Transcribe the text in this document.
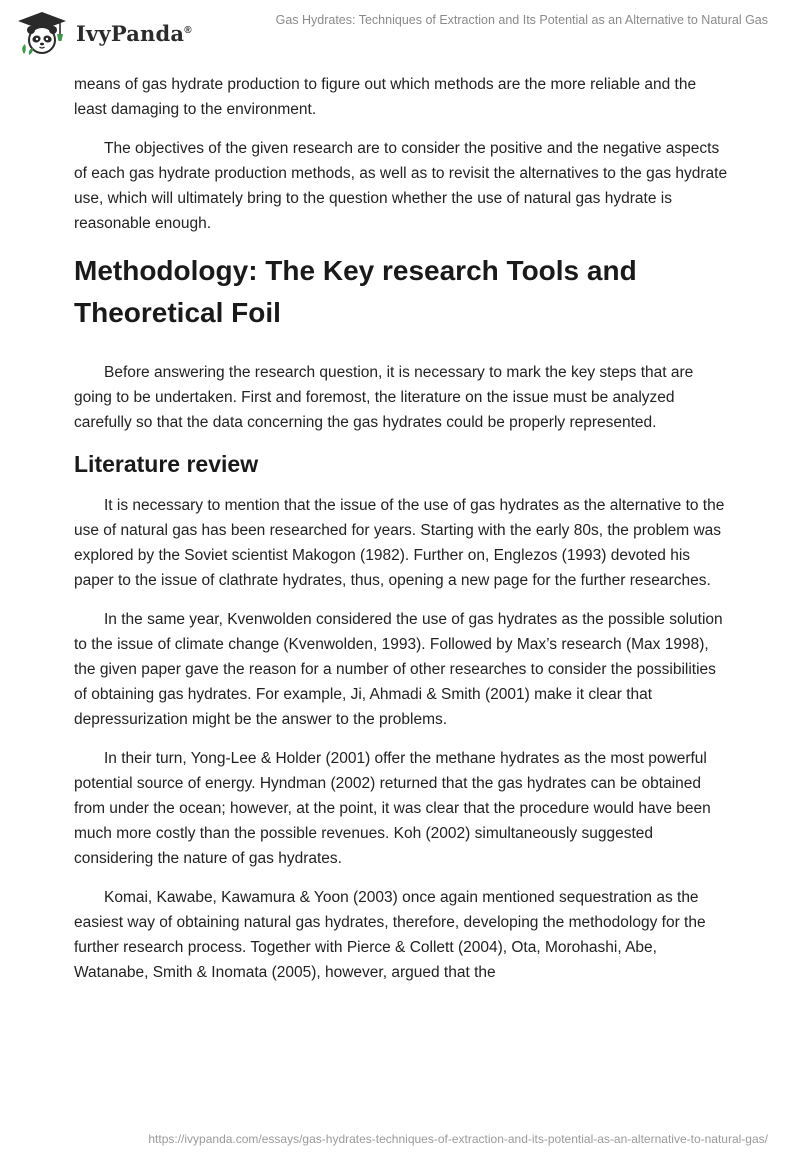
IvyPanda®
Gas Hydrates: Techniques of Extraction and Its Potential as an Alternative to Natural Gas

means of gas hydrate production to figure out which methods are the more reliable and the least damaging to the environment.

The objectives of the given research are to consider the positive and the negative aspects of each gas hydrate production methods, as well as to revisit the alternatives to the gas hydrate use, which will ultimately bring to the question whether the use of natural gas hydrate is reasonable enough.

Methodology: The Key research Tools and Theoretical Foil

Before answering the research question, it is necessary to mark the key steps that are going to be undertaken. First and foremost, the literature on the issue must be analyzed carefully so that the data concerning the gas hydrates could be properly represented.

Literature review

It is necessary to mention that the issue of the use of gas hydrates as the alternative to the use of natural gas has been researched for years. Starting with the early 80s, the problem was explored by the Soviet scientist Makogon (1982). Further on, Englezos (1993) devoted his paper to the issue of clathrate hydrates, thus, opening a new page for the further researches.

In the same year, Kvenwolden considered the use of gas hydrates as the possible solution to the issue of climate change (Kvenwolden, 1993). Followed by Max’s research (Max 1998), the given paper gave the reason for a number of other researches to consider the possibilities of obtaining gas hydrates. For example, Ji, Ahmadi & Smith (2001) make it clear that depressurization might be the answer to the problems.

In their turn, Yong-Lee & Holder (2001) offer the methane hydrates as the most powerful potential source of energy. Hyndman (2002) returned that the gas hydrates can be obtained from under the ocean; however, at the point, it was clear that the procedure would have been much more costly than the possible revenues. Koh (2002) simultaneously suggested considering the nature of gas hydrates.

Komai, Kawabe, Kawamura & Yoon (2003) once again mentioned sequestration as the easiest way of obtaining natural gas hydrates, therefore, developing the methodology for the further research process. Together with Pierce & Collett (2004), Ota, Morohashi, Abe, Watanabe, Smith & Inomata (2005), however, argued that the

https://ivypanda.com/essays/gas-hydrates-techniques-of-extraction-and-its-potential-as-an-alternative-to-natural-gas/
